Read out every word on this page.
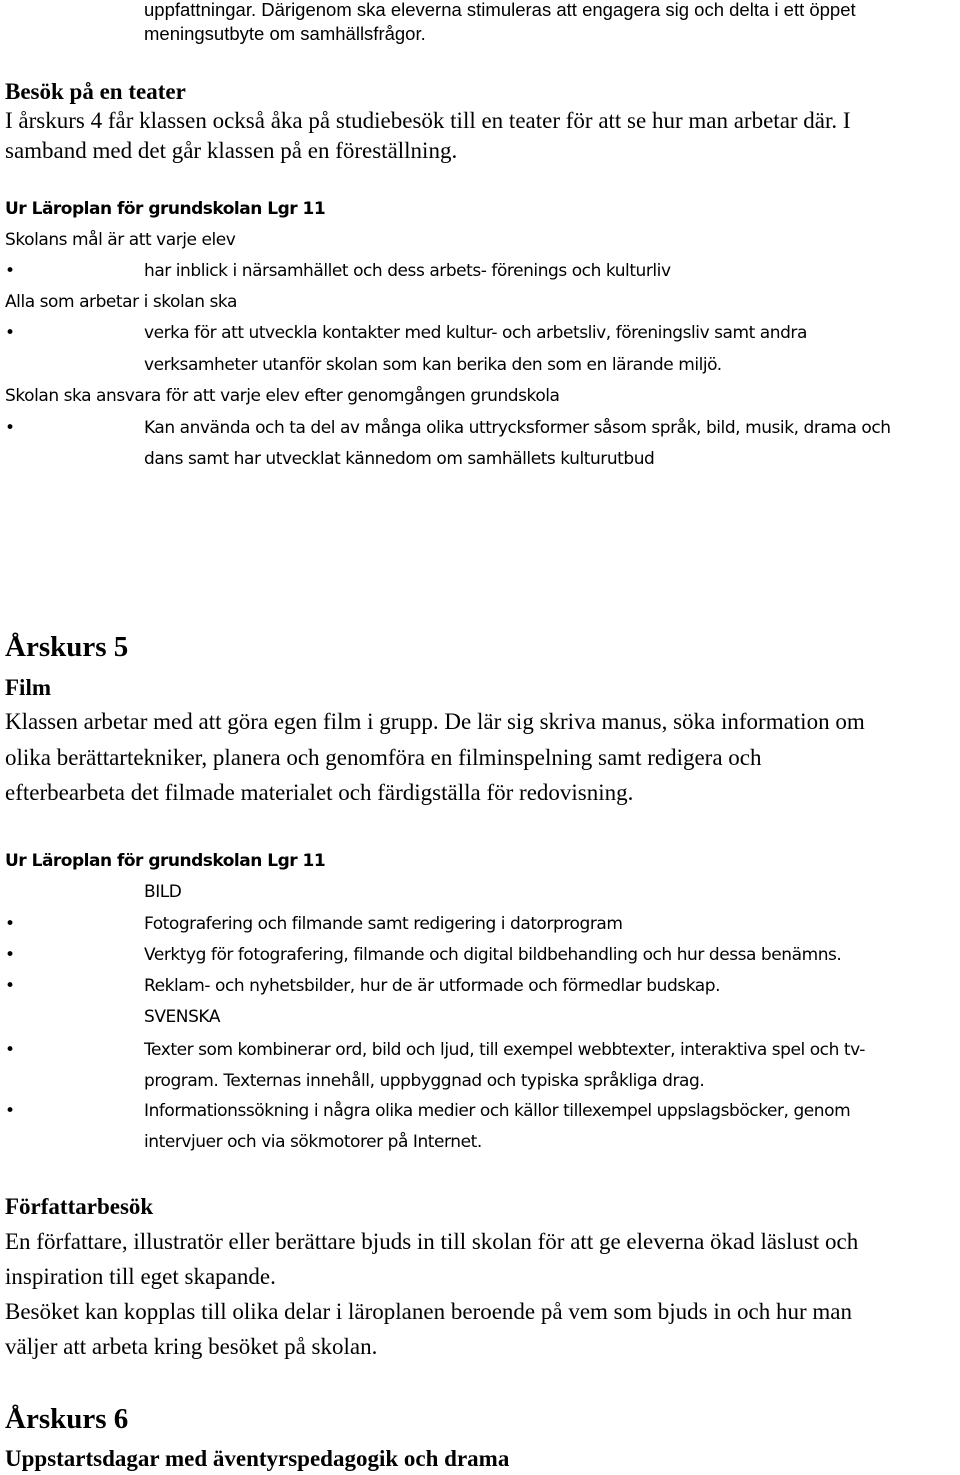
uppfattningar. Därigenom ska eleverna stimuleras att engagera sig och delta i ett öppet
meningsutbyte om samhällsfrågor.
Besök på en teater
I årskurs 4 får klassen också åka på studiebesök till en teater för att se hur man arbetar där. I
samband med det går klassen på en föreställning.
Ur Läroplan för grundskolan Lgr 11
Skolans mål är att varje elev
•	har inblick i närsamhället och dess arbets- förenings och kulturliv
Alla som arbetar i skolan ska
•	verka för att utveckla kontakter med kultur- och arbetsliv, föreningsliv samt andra
verksamheter utanför skolan som kan berika den som en lärande miljö.
Skolan ska ansvara för att varje elev efter genomgången grundskola
•	Kan använda och ta del av många olika uttrycksformer såsom språk, bild, musik, drama och
dans samt har utvecklat kännedom om samhällets kulturutbud
Årskurs 5
Film
Klassen arbetar med att göra egen film i grupp. De lär sig skriva manus, söka information om
olika berättartekniker, planera och genomföra en filminspelning samt redigera och
efterbearbeta det filmade materialet och färdigställa för redovisning.
Ur Läroplan för grundskolan Lgr 11
BILD
•	Fotografering och filmande samt redigering i datorprogram
•	Verktyg för fotografering, filmande och digital bildbehandling och hur dessa benämns.
•	Reklam- och nyhetsbilder, hur de är utformade och förmedlar budskap.
SVENSKA
•	Texter som kombinerar ord, bild och ljud, till exempel webbtexter, interaktiva spel och tv-
program. Texternas innehåll, uppbyggnad och typiska språkliga drag.
•	Informationssökning i några olika medier och källor tillexempel uppslagsböcker, genom
intervjuer och via sökmotorer på Internet.
Författarbesök
En författare, illustratör eller berättare bjuds in till skolan för att ge eleverna ökad läslust och
inspiration till eget skapande.
Besöket kan kopplas till olika delar i läroplanen beroende på vem som bjuds in och hur man
väljer att arbeta kring besöket på skolan.
Årskurs 6
Uppstartsdagar med äventyrspedagogik och drama
